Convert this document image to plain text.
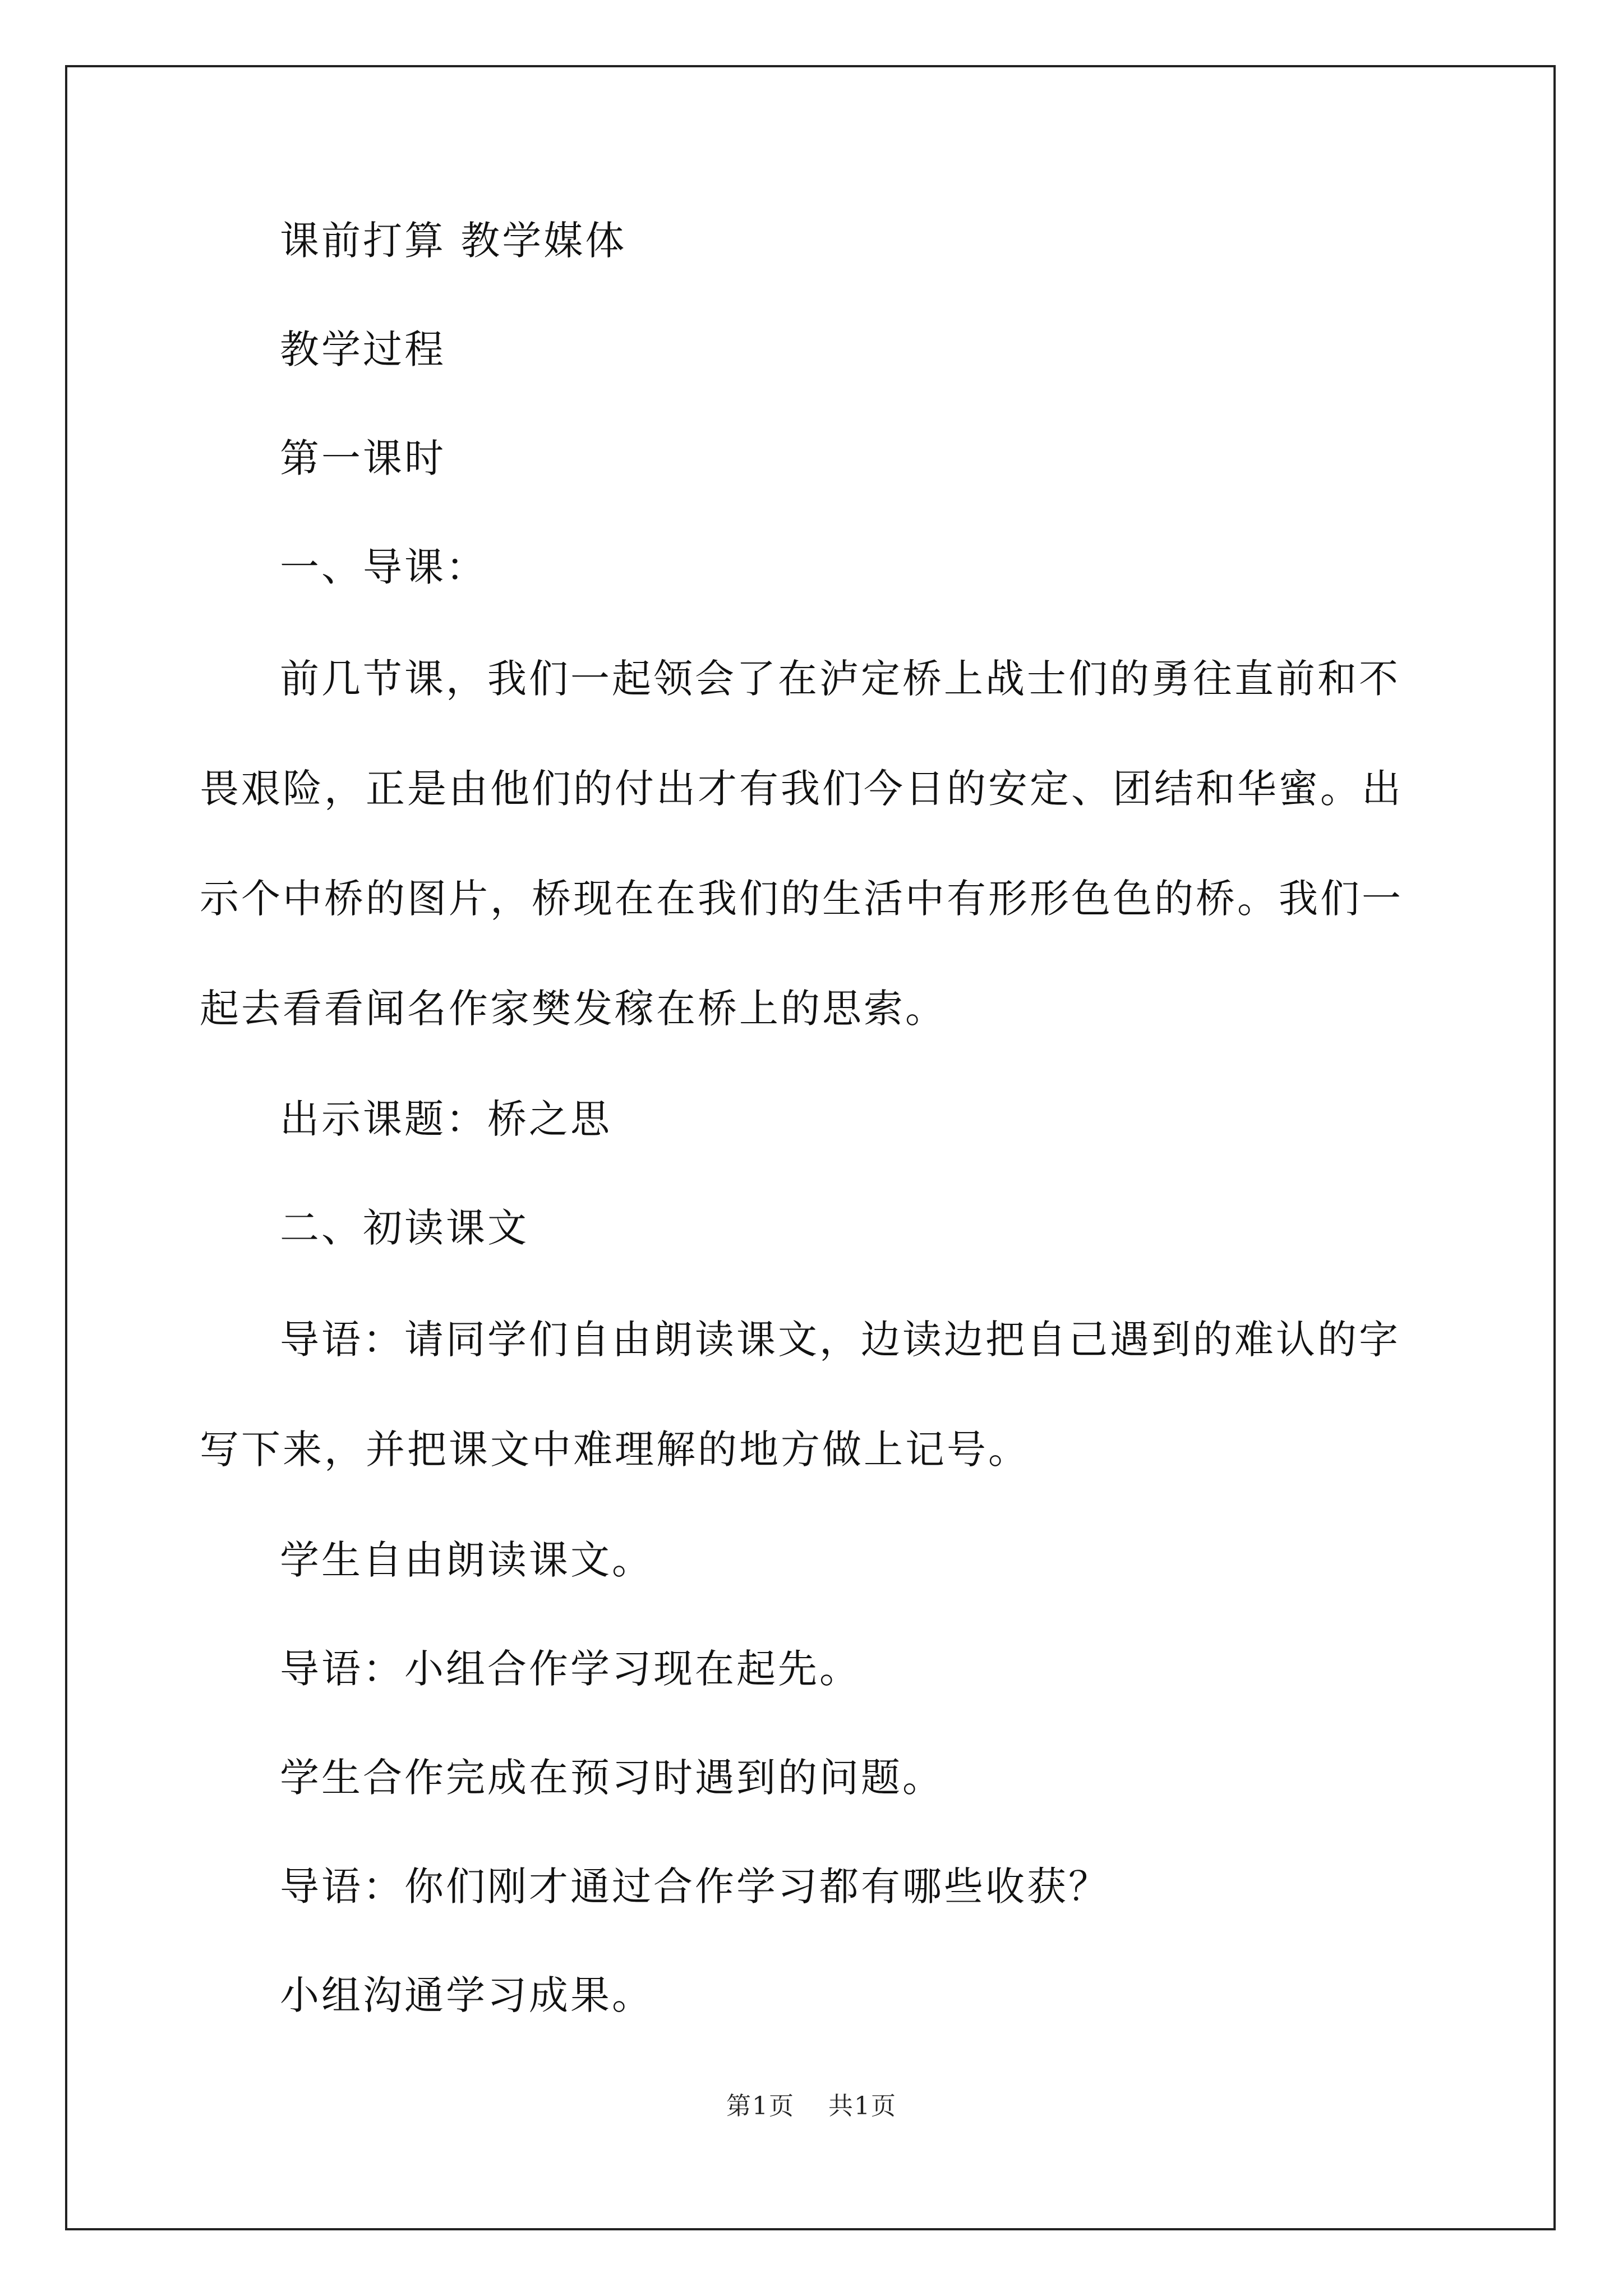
课前打算 教学媒体

教学过程

第一课时

一、导课：

前几节课，我们一起领会了在泸定桥上战士们的勇往直前和不畏艰险，正是由他们的付出才有我们今日的安定、团结和华蜜。出示个中桥的图片，桥现在在我们的生活中有形形色色的桥。我们一起去看看闻名作家樊发稼在桥上的思索。

出示课题：桥之思

二、初读课文

导语：请同学们自由朗读课文，边读边把自己遇到的难认的字写下来，并把课文中难理解的地方做上记号。

学生自由朗读课文。

导语：小组合作学习现在起先。

学生合作完成在预习时遇到的问题。

导语：你们刚才通过合作学习都有哪些收获？

小组沟通学习成果。

第1页 共1页
